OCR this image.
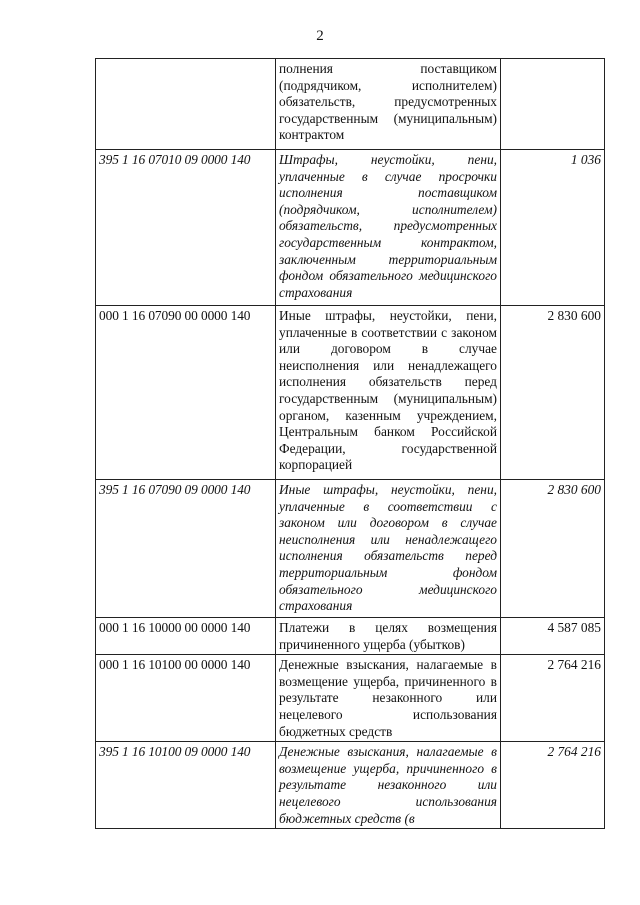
2
	полнения поставщиком (подрядчиком, исполнителем) обязательств, предусмотренных государственным (муниципальным) контрактом	
395 1 16 07010 09 0000 140	Штрафы, неустойки, пени, уплаченные в случае просрочки исполнения поставщиком (подрядчиком, исполнителем) обязательств, предусмотренных государственным контрактом, заключенным территориальным фондом обязательного медицинского страхования	1 036
000 1 16 07090 00 0000 140	Иные штрафы, неустойки, пени, уплаченные в соответствии с законом или договором в случае неисполнения или ненадлежащего исполнения обязательств перед государственным (муниципальным) органом, казенным учреждением, Центральным банком Российской Федерации, государственной корпорацией	2 830 600
395 1 16 07090 09 0000 140	Иные штрафы, неустойки, пени, уплаченные в соответствии с законом или договором в случае неисполнения или ненадлежащего исполнения обязательств перед территориальным фондом обязательного медицинского страхования	2 830 600
000 1 16 10000 00 0000 140	Платежи в целях возмещения причиненного ущерба (убытков)	4 587 085
000 1 16 10100 00 0000 140	Денежные взыскания, налагаемые в возмещение ущерба, причиненного в результате незаконного или нецелевого использования бюджетных средств	2 764 216
395 1 16 10100 09 0000 140	Денежные взыскания, налагаемые в возмещение ущерба, причиненного в результате незаконного или нецелевого использования бюджетных средств (в	2 764 216
